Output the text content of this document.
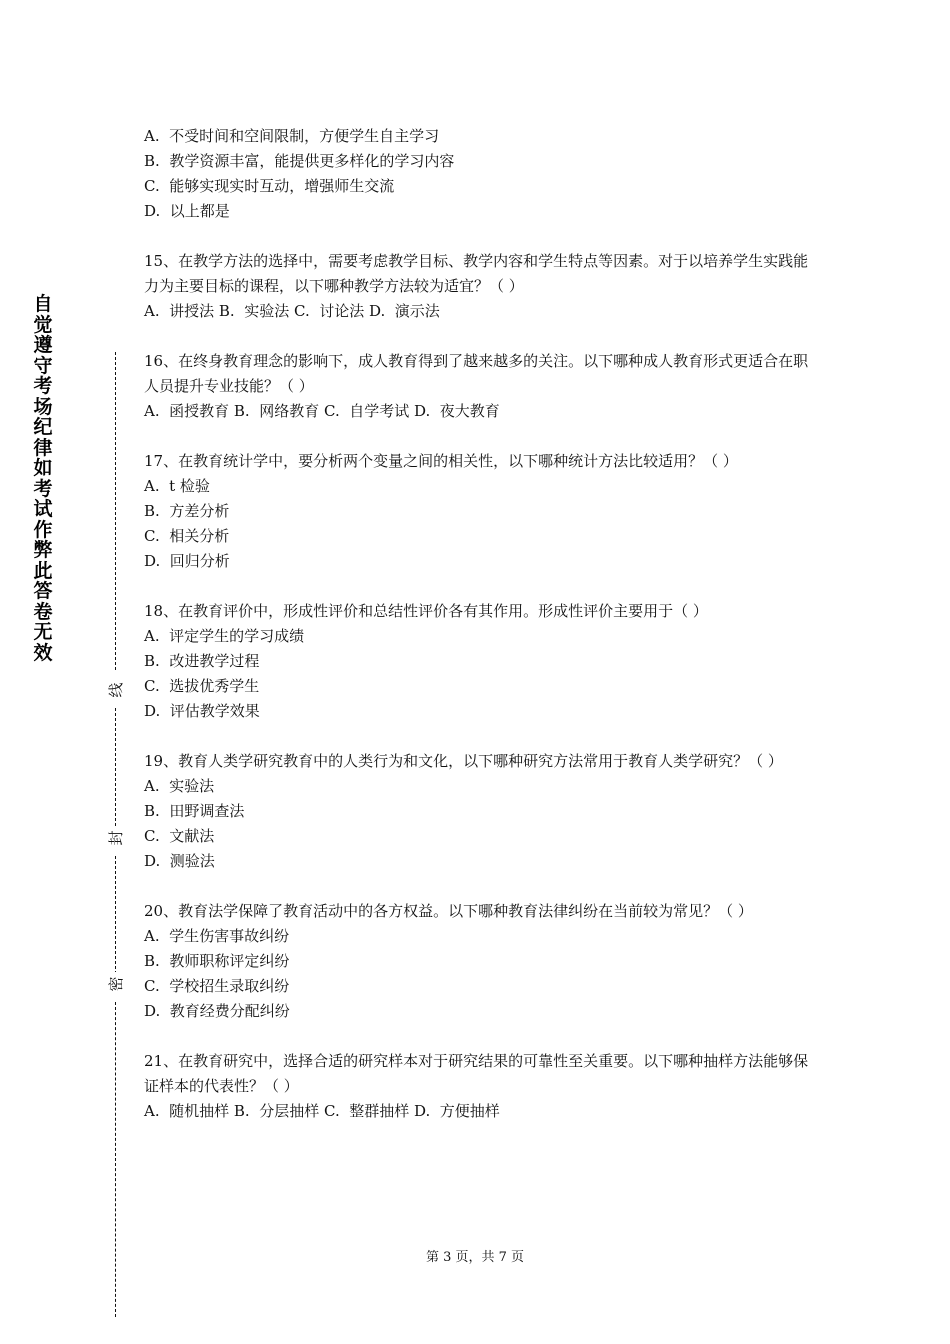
自觉遵守考场纪律如考试作弊此答卷无效
线
封
密
A.  不受时间和空间限制，方便学生自主学习
B.  教学资源丰富，能提供更多样化的学习内容
C.  能够实现实时互动，增强师生交流
D.  以上都是
15、在教学方法的选择中，需要考虑教学目标、教学内容和学生特点等因素。对于以培养学生实践能力为主要目标的课程，以下哪种教学方法较为适宜？（ ）
A.  讲授法 B.  实验法 C.  讨论法 D.  演示法
16、在终身教育理念的影响下，成人教育得到了越来越多的关注。以下哪种成人教育形式更适合在职人员提升专业技能？（ ）
A.  函授教育 B.  网络教育 C.  自学考试 D.  夜大教育
17、在教育统计学中，要分析两个变量之间的相关性，以下哪种统计方法比较适用？（ ）
A.  t 检验
B.  方差分析
C.  相关分析
D.  回归分析
18、在教育评价中，形成性评价和总结性评价各有其作用。形成性评价主要用于（ ）
A.  评定学生的学习成绩
B.  改进教学过程
C.  选拔优秀学生
D.  评估教学效果
19、教育人类学研究教育中的人类行为和文化，以下哪种研究方法常用于教育人类学研究？（ ）
A.  实验法
B.  田野调查法
C.  文献法
D.  测验法
20、教育法学保障了教育活动中的各方权益。以下哪种教育法律纠纷在当前较为常见？（ ）
A.  学生伤害事故纠纷
B.  教师职称评定纠纷
C.  学校招生录取纠纷
D.  教育经费分配纠纷
21、在教育研究中，选择合适的研究样本对于研究结果的可靠性至关重要。以下哪种抽样方法能够保证样本的代表性？（ ）
A.  随机抽样 B.  分层抽样 C.  整群抽样 D.  方便抽样
第 3 页，共 7 页
